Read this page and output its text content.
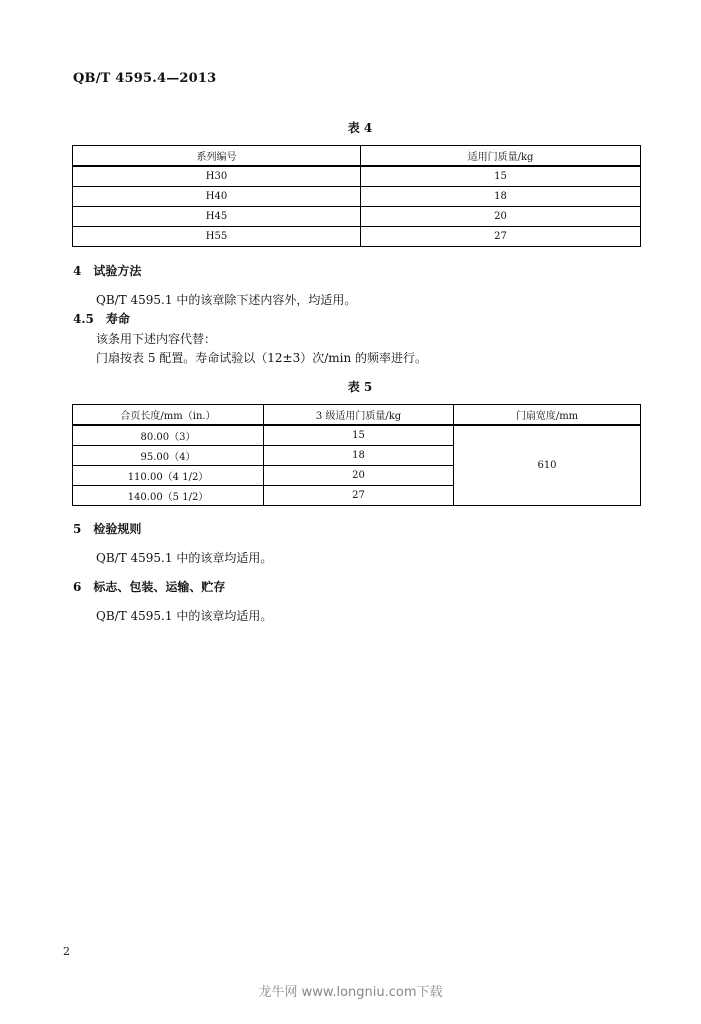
QB/T 4595.4—2013
表 4
系列编号	适用门质量/kg
H30	15
H40	18
H45	20
H55	27
4　试验方法
QB/T 4595.1 中的该章除下述内容外，均适用。
4.5　寿命
该条用下述内容代替：
门扇按表 5 配置。寿命试验以（12±3）次/min 的频率进行。
表 5
合页长度/mm（in.）	3 级适用门质量/kg	门扇宽度/mm
80.00（3）	15	610
95.00（4）	18	
110.00（4 1/2）	20	
140.00（5 1/2）	27	
5　检验规则
QB/T 4595.1 中的该章均适用。
6　标志、包装、运输、贮存
QB/T 4595.1 中的该章均适用。
2
龙牛网 www.longniu.com下载
